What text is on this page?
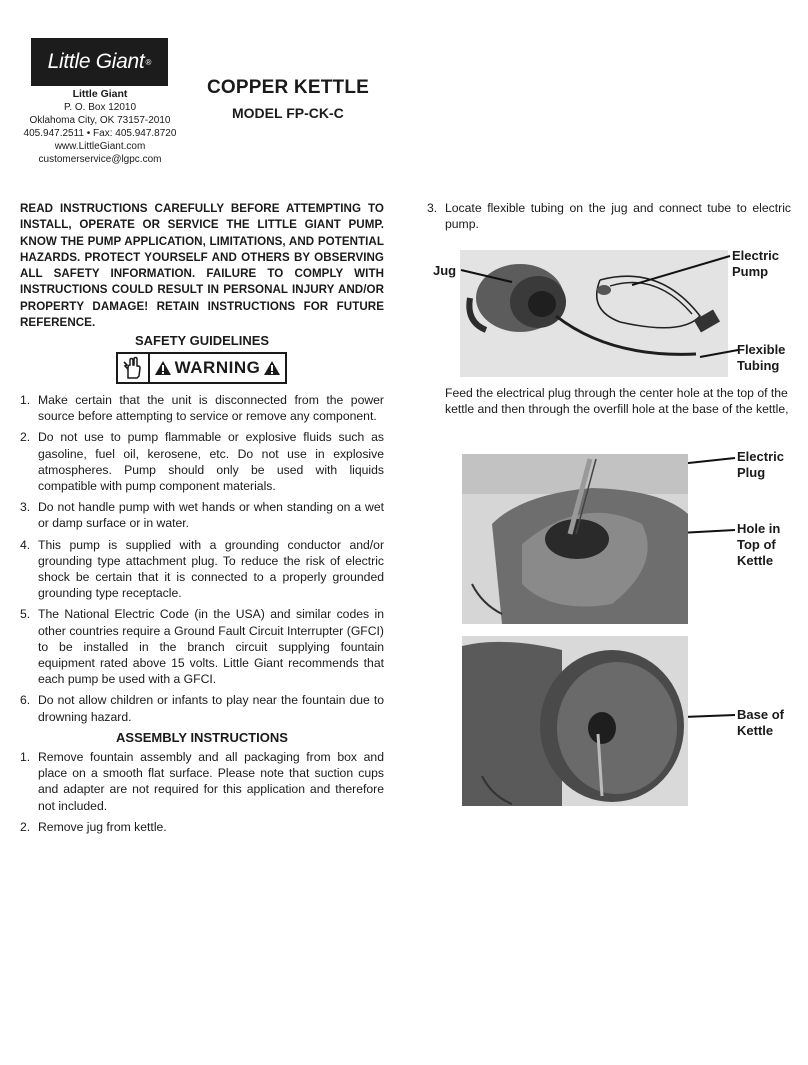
Little Giant ®
Little Giant
P. O. Box 12010
Oklahoma City, OK 73157-2010
405.947.2511 • Fax: 405.947.8720
www.LittleGiant.com
customerservice@lgpc.com
COPPER KETTLE
MODEL FP-CK-C
READ INSTRUCTIONS CAREFULLY BEFORE ATTEMPTING TO INSTALL, OPERATE OR SERVICE THE LITTLE GIANT PUMP. KNOW THE PUMP APPLICATION, LIMITATIONS, AND POTENTIAL HAZARDS. PROTECT YOURSELF AND OTHERS BY OBSERVING ALL SAFETY INFORMATION. FAILURE TO COMPLY WITH INSTRUCTIONS COULD RESULT IN PERSONAL INJURY AND/OR PROPERTY DAMAGE! RETAIN INSTRUCTIONS FOR FUTURE REFERENCE.
SAFETY GUIDELINES
WARNING
1. Make certain that the unit is disconnected from the power source before attempting to service or remove any component.
2. Do not use to pump flammable or explosive fluids such as gasoline, fuel oil, kerosene, etc. Do not use in explosive atmospheres. Pump should only be used with liquids compatible with pump component materials.
3. Do not handle pump with wet hands or when standing on a wet or damp surface or in water.
4. This pump is supplied with a grounding conductor and/or grounding type attachment plug. To reduce the risk of electric shock be certain that it is connected to a properly grounded grounding type receptacle.
5. The National Electric Code (in the USA) and similar codes in other countries require a Ground Fault Circuit Interrupter (GFCI) to be installed in the branch circuit supplying fountain equipment rated above 15 volts. Little Giant recommends that each pump be used with a GFCI.
6. Do not allow children or infants to play near the fountain due to drowning hazard.
ASSEMBLY INSTRUCTIONS
1. Remove fountain assembly and all packaging from box and place on a smooth flat surface. Please note that suction cups and adapter are not required for this application and therefore not included.
2. Remove jug from kettle.
3. Locate flexible tubing on the jug and connect tube to electric pump.
Jug
Electric Pump
Flexible Tubing
Feed the electrical plug through the center hole at the top of the kettle and then through the overfill hole at the base of the kettle,
Electric Plug
Hole in Top of Kettle
Base of Kettle
